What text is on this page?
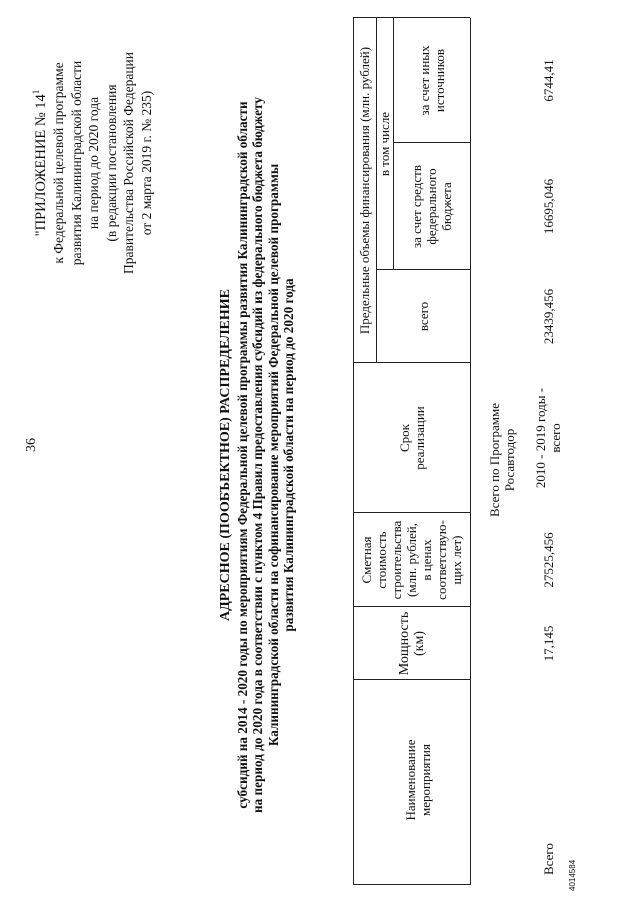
36
"ПРИЛОЖЕНИЕ № $14^1$ к Федеральной целевой программе развития Калининградской области на период до 2020 года (в редакции постановления Правительства Российской Федерации от 2 марта 2019 г. № 235)
АДРЕСНОЕ (ПООБЪЕКТНОЕ) РАСПРЕДЕЛЕНИЕ субсидий на 2014 - 2020 годы по мероприятиям Федеральной целевой программы развития Калининградской области на период до 2020 года в соответствии с пунктом 4 Правил предоставления субсидий из федерального бюджета бюджету Калининградской области на софинансирование мероприятий Федеральной целевой программы развития Калининградской области на период до 2020 года
Наименование мероприятия
Мощность (км)
Сметная стоимость строительства (млн. рублей, в ценах соответствую-щих лет)
Срок реализации
Предельные объемы финансирования (млн. рублей)	всего
в том числе
за счет средств федерального бюджета
за счет иных источников
Всего по Программе Росавтодор
Всего
17,145
27525,456
2010 - 2019 годы - всего
23439,456
16695,046
6744,41
4014584
